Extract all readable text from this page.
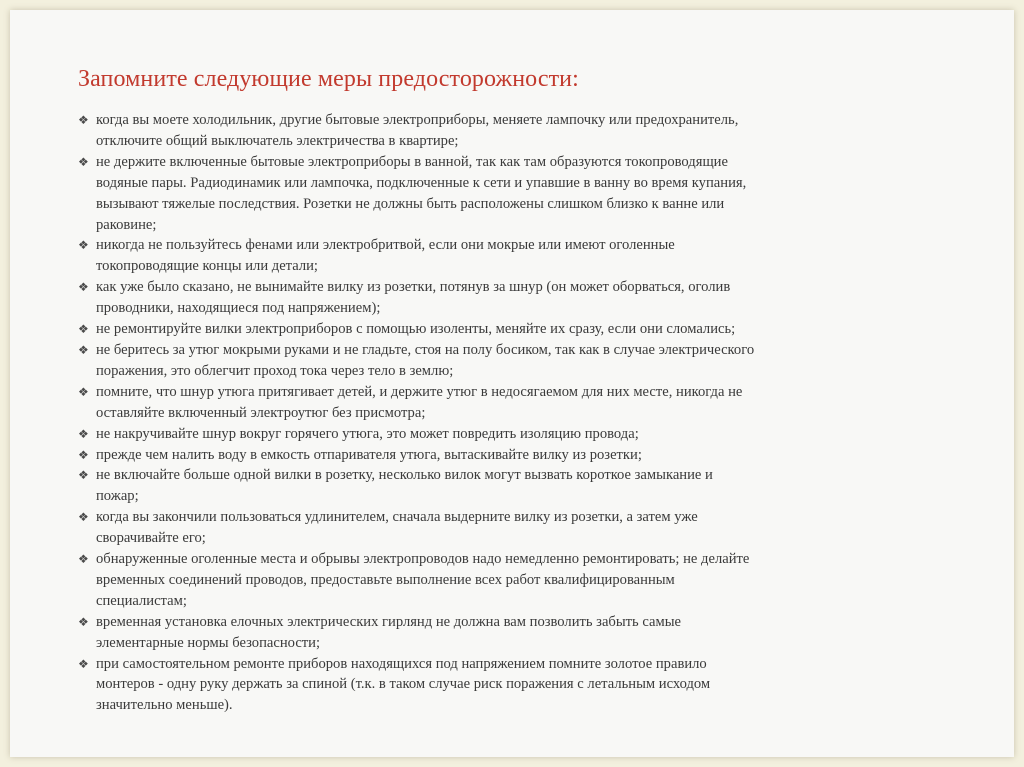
Запомните следующие меры предосторожности:
❖ когда вы моете холодильник, другие бытовые электроприборы, меняете лампочку или предохранитель,
отключите общий выключатель электричества в квартире;
❖ не держите включенные бытовые электроприборы в ванной, так как там образуются токопроводящие
водяные пары. Радиодинамик или лампочка, подключенные к сети и упавшие в ванну во время купания,
вызывают тяжелые последствия. Розетки не должны быть расположены слишком близко к ванне или
раковине;
❖ никогда не пользуйтесь фенами или электробритвой, если они мокрые или имеют оголенные
токопроводящие концы или детали;
❖ как уже было сказано, не вынимайте вилку из розетки, потянув за шнур (он может оборваться, оголив
проводники, находящиеся под напряжением);
❖ не ремонтируйте вилки электроприборов с помощью изоленты, меняйте их сразу, если они сломались;
❖ не беритесь за утюг мокрыми руками и не гладьте, стоя на полу босиком, так как в случае электрического
поражения, это облегчит проход тока через тело в землю;
❖ помните, что шнур утюга притягивает детей, и держите утюг в недосягаемом для них месте, никогда не
оставляйте включенный электроутюг без присмотра;
❖ не накручивайте шнур вокруг горячего утюга, это может повредить изоляцию провода;
❖ прежде чем налить воду в емкость отпаривателя утюга, вытаскивайте вилку из розетки;
❖ не включайте больше одной вилки в розетку, несколько вилок могут вызвать короткое замыкание и
пожар;
❖ когда вы закончили пользоваться удлинителем, сначала выдерните вилку из розетки, а затем уже
сворачивайте его;
❖ обнаруженные оголенные места и обрывы электропроводов надо немедленно ремонтировать; не делайте
временных соединений проводов, предоставьте выполнение всех работ квалифицированным
специалистам;
❖ временная установка елочных электрических гирлянд не должна вам позволить забыть самые
элементарные нормы безопасности;
❖ при самостоятельном ремонте приборов находящихся под напряжением помните золотое правило
монтеров - одну руку держать за спиной (т.к. в таком случае риск поражения с летальным исходом
значительно меньше).
